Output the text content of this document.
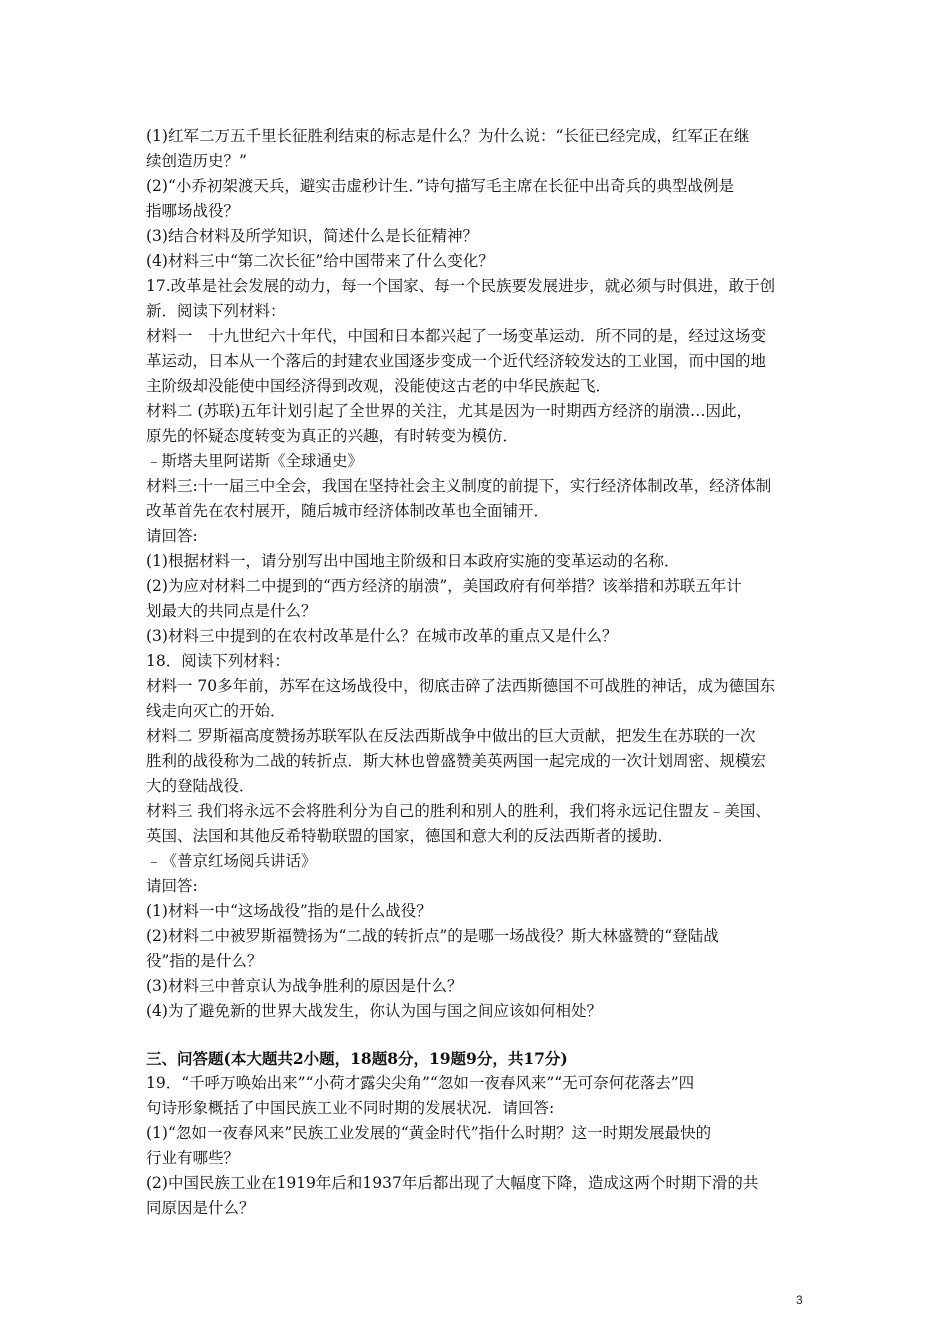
(1)红军二万五千里长征胜利结束的标志是什么？为什么说：“长征已经完成，红军正在继
续创造历史？”
(2)“小乔初架渡天兵，避实击虚秒计生．”诗句描写毛主席在长征中出奇兵的典型战例是
指哪场战役？
(3)结合材料及所学知识，简述什么是长征精神？
(4)材料三中“第二次长征”给中国带来了什么变化？
17.改革是社会发展的动力，每一个国家、每一个民族要发展进步，就必须与时俱进，敢于创
新．阅读下列材料：
材料一　十九世纪六十年代，中国和日本都兴起了一场变革运动．所不同的是，经过这场变
革运动，日本从一个落后的封建农业国逐步变成一个近代经济较发达的工业国，而中国的地
主阶级却没能使中国经济得到改观，没能使这古老的中华民族起飞．
材料二 (苏联)五年计划引起了全世界的关注，尤其是因为一时期西方经济的崩溃…因此，
原先的怀疑态度转变为真正的兴趣，有时转变为模仿．
﹣斯塔夫里阿诺斯《全球通史》
材料三:十一届三中全会，我国在坚持社会主义制度的前提下，实行经济体制改革，经济体制
改革首先在农村展开，随后城市经济体制改革也全面铺开．
请回答:
(1)根据材料一，请分别写出中国地主阶级和日本政府实施的变革运动的名称．
(2)为应对材料二中提到的“西方经济的崩溃”，美国政府有何举措？该举措和苏联五年计
划最大的共同点是什么？
(3)材料三中提到的在农村改革是什么？在城市改革的重点又是什么？
18．阅读下列材料：
材料一 70多年前，苏军在这场战役中，彻底击碎了法西斯德国不可战胜的神话，成为德国东
线走向灭亡的开始．
材料二 罗斯福高度赞扬苏联军队在反法西斯战争中做出的巨大贡献，把发生在苏联的一次
胜利的战役称为二战的转折点．斯大林也曾盛赞美英两国一起完成的一次计划周密、规模宏
大的登陆战役．
材料三 我们将永远不会将胜利分为自己的胜利和别人的胜利，我们将永远记住盟友﹣美国、
英国、法国和其他反希特勒联盟的国家，德国和意大利的反法西斯者的援助．
﹣《普京红场阅兵讲话》
请回答:
(1)材料一中“这场战役”指的是什么战役？
(2)材料二中被罗斯福赞扬为“二战的转折点”的是哪一场战役？斯大林盛赞的“登陆战
役”指的是什么？
(3)材料三中普京认为战争胜利的原因是什么？
(4)为了避免新的世界大战发生，你认为国与国之间应该如何相处？
三、问答题(本大题共2小题，18题8分，19题9分，共17分)
19．“千呼万唤始出来”“小荷才露尖尖角”“忽如一夜春风来”“无可奈何花落去”四
句诗形象概括了中国民族工业不同时期的发展状况．请回答:
(1)“忽如一夜春风来”民族工业发展的“黄金时代”指什么时期？这一时期发展最快的
行业有哪些？
(2)中国民族工业在1919年后和1937年后都出现了大幅度下降，造成这两个时期下滑的共
同原因是什么？
3
